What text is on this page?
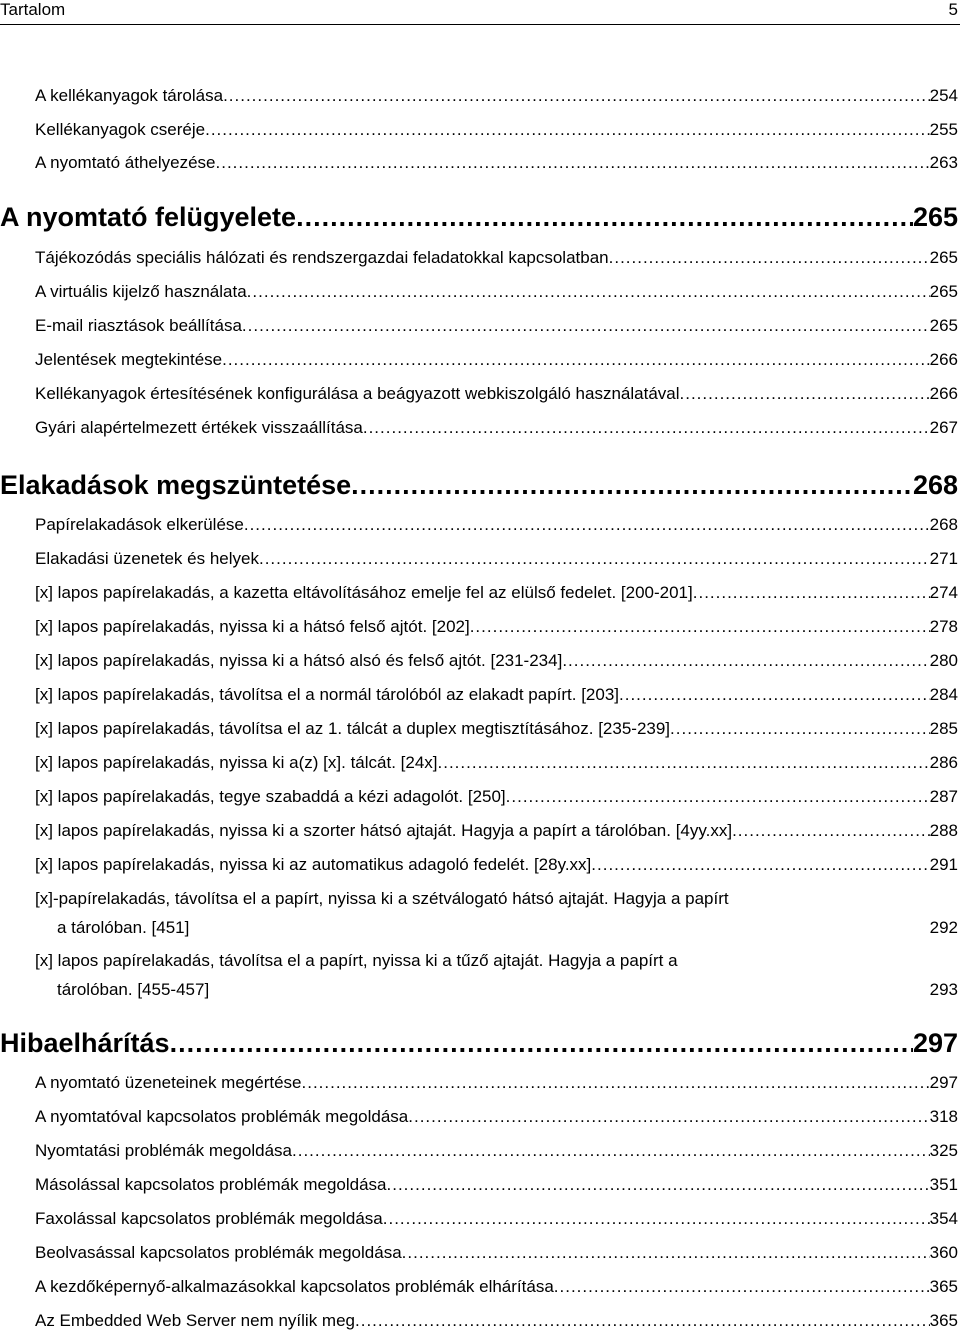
Tartalom	5
A kellékanyagok tárolása .....	254
Kellékanyagok cseréje .....	255
A nyomtató áthelyezése .....	263
A nyomtató felügyelete .....	265
Tájékozódás speciális hálózati és rendszergazdai feladatokkal kapcsolatban .....	265
A virtuális kijelző használata .....	265
E-mail riasztások beállítása .....	265
Jelentések megtekintése .....	266
Kellékanyagok értesítésének konfigurálása a beágyazott webkiszolgáló használatával .....	266
Gyári alapértelmezett értékek visszaállítása .....	267
Elakadások megszüntetése .....	268
Papírelakadások elkerülése .....	268
Elakadási üzenetek és helyek .....	271
[x] lapos papírelakadás, a kazetta eltávolításához emelje fel az elülső fedelet. [200-201] .....	274
[x] lapos papírelakadás, nyissa ki a hátsó felső ajtót. [202] .....	278
[x] lapos papírelakadás, nyissa ki a hátsó alsó és felső ajtót. [231-234] .....	280
[x] lapos papírelakadás, távolítsa el a normál tárolóból az elakadt papírt. [203] .....	284
[x] lapos papírelakadás, távolítsa el az 1. tálcát a duplex megtisztításához. [235-239] .....	285
[x] lapos papírelakadás, nyissa ki a(z) [x]. tálcát. [24x] .....	286
[x] lapos papírelakadás, tegye szabaddá a kézi adagolót. [250] .....	287
[x] lapos papírelakadás, nyissa ki a szorter hátsó ajtaját. Hagyja a papírt a tárolóban. [4yy.xx] .....	288
[x] lapos papírelakadás, nyissa ki az automatikus adagoló fedelét. [28y.xx] .....	291
[x]-papírelakadás, távolítsa el a papírt, nyissa ki a szétválogató hátsó ajtaját. Hagyja a papírt
a tárolóban. [451]	292
[x] lapos papírelakadás, távolítsa el a papírt, nyissa ki a tűző ajtaját. Hagyja a papírt a
tárolóban. [455-457]	293
Hibaelhárítás .....	297
A nyomtató üzeneteinek megértése .....	297
A nyomtatóval kapcsolatos problémák megoldása .....	318
Nyomtatási problémák megoldása .....	325
Másolással kapcsolatos problémák megoldása .....	351
Faxolással kapcsolatos problémák megoldása .....	354
Beolvasással kapcsolatos problémák megoldása .....	360
A kezdőképernyő-alkalmazásokkal kapcsolatos problémák elhárítása .....	365
Az Embedded Web Server nem nyílik meg .....	365
